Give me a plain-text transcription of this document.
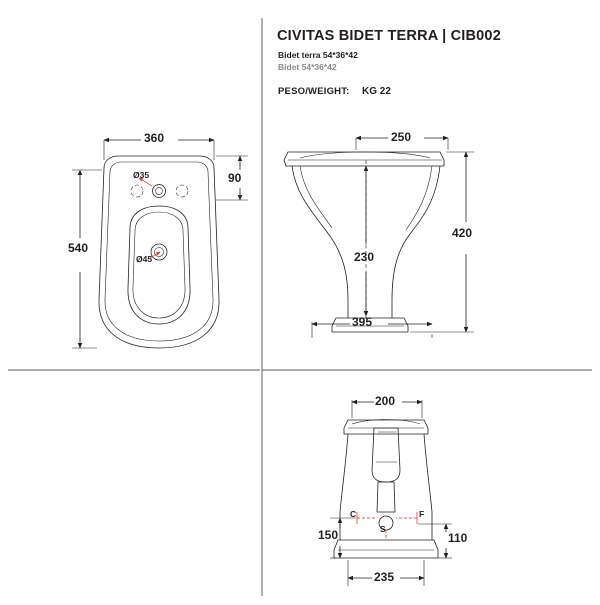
CIVITAS BIDET TERRA | CIB002
Bidet terra 54*36*42
Bidet 54*36*42
PESO/WEIGHT: KG 22
360
540
90
Ø35
Ø45
250
420
230
395
200
150	110
235
C	F
S
